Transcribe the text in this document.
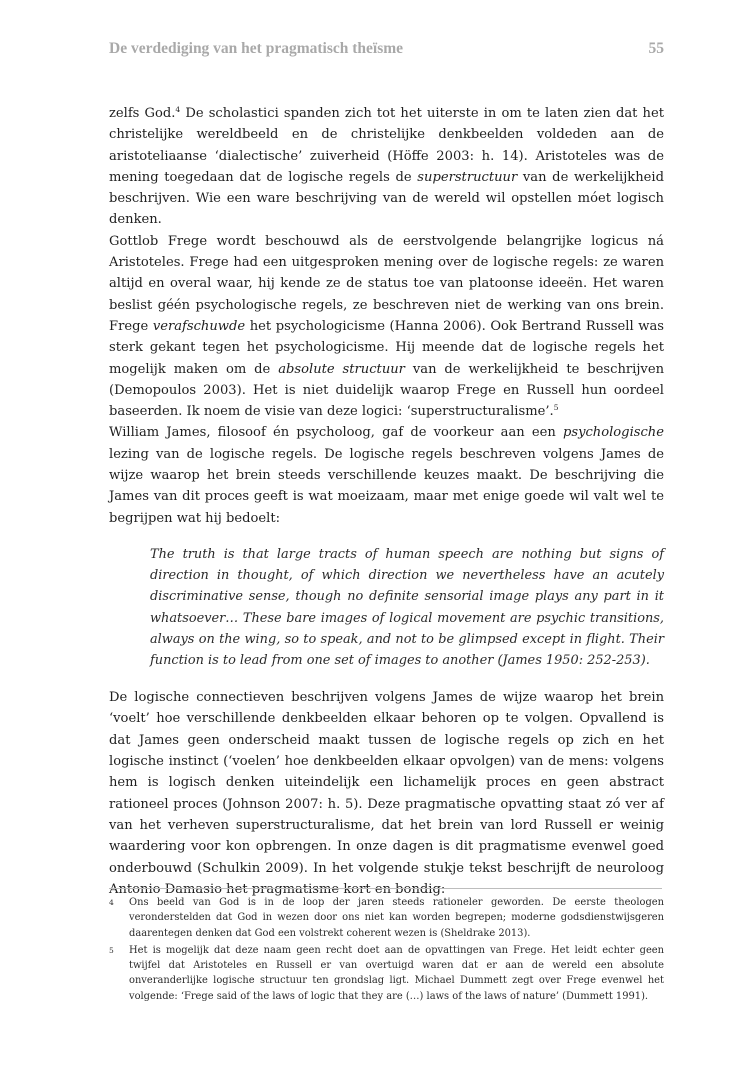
De verdediging van het pragmatisch theïsme	55

zelfs God.$^4$ De scholastici spanden zich tot het uiterste in om te laten zien dat het christelijke wereldbeeld en de christelijke denkbeelden voldeden aan de aristoteliaanse ‘dialectische’ zuiverheid (Höffe 2003: h. 14). Aristoteles was de mening toegedaan dat de logische regels de superstructuur van de werkelijkheid beschrijven. Wie een ware beschrijving van de wereld wil opstellen móet logisch denken.

Gottlob Frege wordt beschouwd als de eerstvolgende belangrijke logicus ná Aristoteles. Frege had een uitgesproken mening over de logische regels: ze waren altijd en overal waar, hij kende ze de status toe van platoonse ideeën. Het waren beslist géén psychologische regels, ze beschreven niet de werking van ons brein. Frege verafschuwde het psychologicisme (Hanna 2006). Ook Bertrand Russell was sterk gekant tegen het psychologicisme. Hij meende dat de logische regels het mogelijk maken om de absolute structuur van de werkelijkheid te beschrijven (Demopoulos 2003). Het is niet duidelijk waarop Frege en Russell hun oordeel baseerden. Ik noem de visie van deze logici: ‘superstructuralisme’.$^5$

William James, filosoof én psycholoog, gaf de voorkeur aan een psychologische lezing van de logische regels. De logische regels beschreven volgens James de wijze waarop het brein steeds verschillende keuzes maakt. De beschrijving die James van dit proces geeft is wat moeizaam, maar met enige goede wil valt wel te begrijpen wat hij bedoelt:

The truth is that large tracts of human speech are nothing but signs of direction in thought, of which direction we nevertheless have an acutely discriminative sense, though no definite sensorial image plays any part in it whatsoever… These bare images of logical movement are psychic transitions, always on the wing, so to speak, and not to be glimpsed except in flight. Their function is to lead from one set of images to another (James 1950: 252-253).

De logische connectieven beschrijven volgens James de wijze waarop het brein ‘voelt’ hoe verschillende denkbeelden elkaar behoren op te volgen. Opvallend is dat James geen onderscheid maakt tussen de logische regels op zich en het logische instinct (‘voelen’ hoe denkbeelden elkaar opvolgen) van de mens: volgens hem is logisch denken uiteindelijk een lichamelijk proces en geen abstract rationeel proces (Johnson 2007: h. 5). Deze pragmatische opvatting staat zó ver af van het verheven superstructuralisme, dat het brein van lord Russell er weinig waardering voor kon opbrengen. In onze dagen is dit pragmatisme evenwel goed onderbouwd (Schulkin 2009). In het volgende stukje tekst beschrijft de neuroloog Antonio Damasio het pragmatisme kort en bondig:

4	Ons beeld van God is in de loop der jaren steeds rationeler geworden. De eerste theologen veronderstelden dat God in wezen door ons niet kan worden begrepen; moderne godsdienstwijsgeren daarentegen denken dat God een volstrekt coherent wezen is (Sheldrake 2013).
5	Het is mogelijk dat deze naam geen recht doet aan de opvattingen van Frege. Het leidt echter geen twijfel dat Aristoteles en Russell er van overtuigd waren dat er aan de wereld een absolute onveranderlijke logische structuur ten grondslag ligt. Michael Dummett zegt over Frege evenwel het volgende: ‘Frege said of the laws of logic that they are (…) laws of the laws of nature’ (Dummett 1991).
